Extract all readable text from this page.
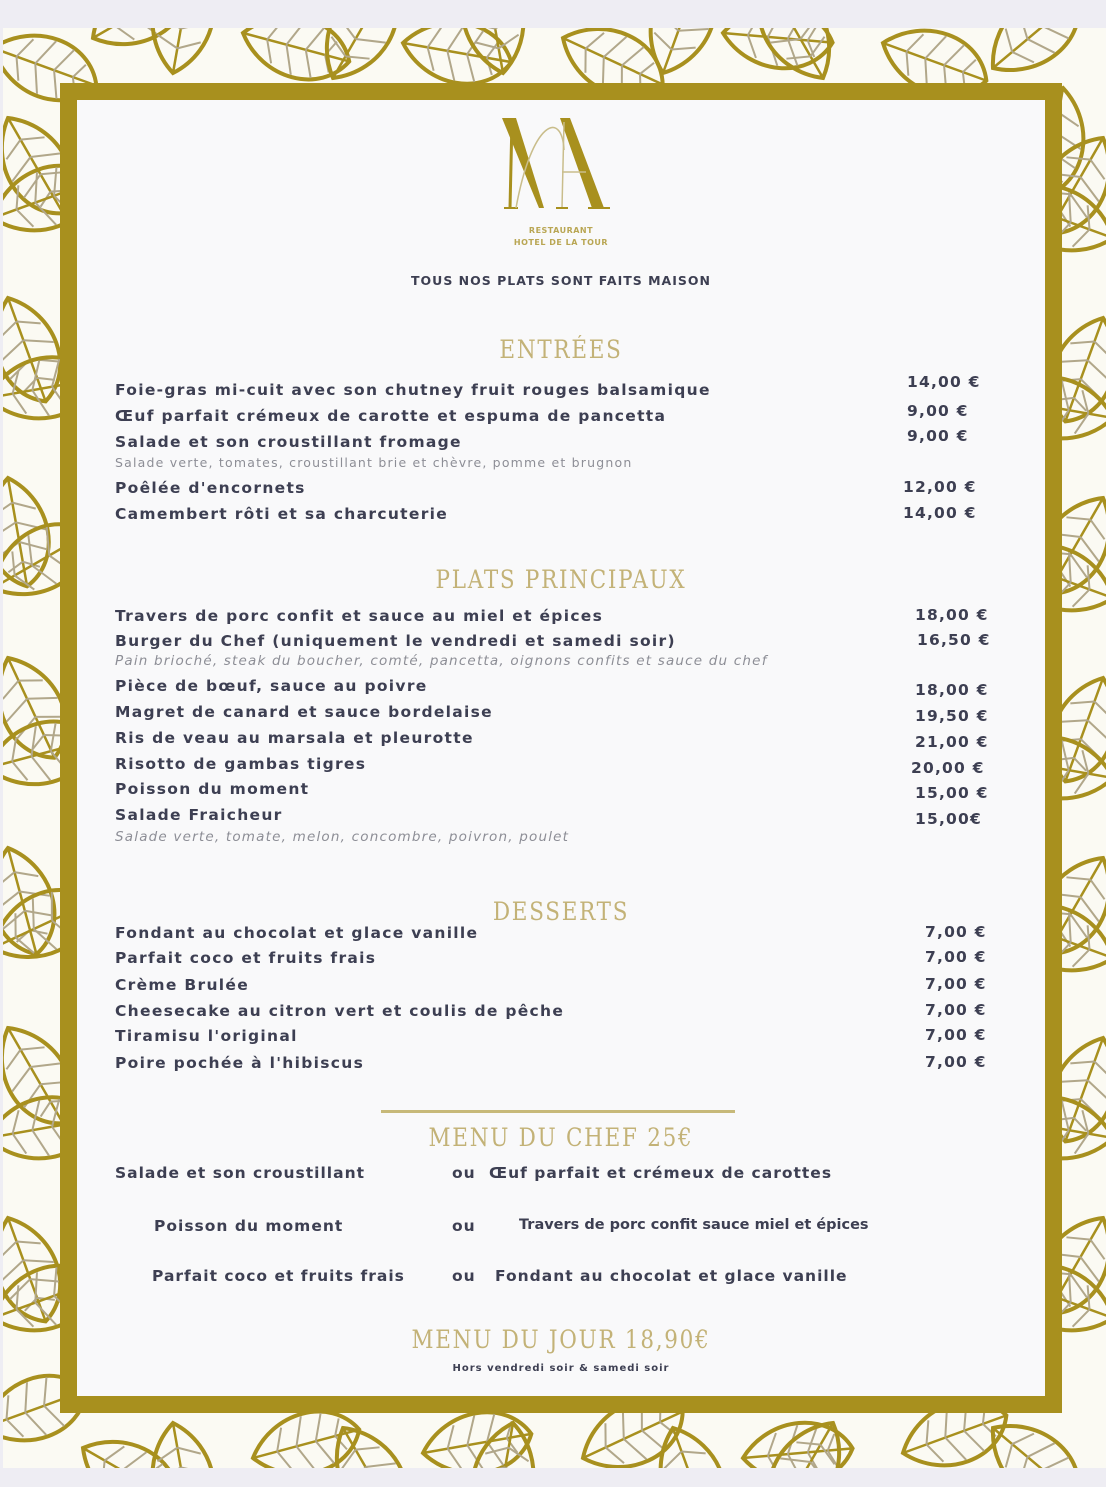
RESTAURANT
HOTEL DE LA TOUR
TOUS NOS PLATS SONT FAITS MAISON
ENTRÉES
Foie-gras mi-cuit avec son chutney fruit rouges balsamique	14,00 €
Œuf parfait crémeux de carotte et espuma de pancetta	9,00 €
Salade et son croustillant fromage	9,00 €
Salade verte, tomates, croustillant brie et chèvre, pomme et brugnon
Poêlée d'encornets	12,00 €
Camembert rôti et sa charcuterie	14,00 €
PLATS PRINCIPAUX
Travers de porc confit et sauce au miel et épices	18,00 €
Burger du Chef (uniquement le vendredi et samedi soir)	16,50 €
Pain brioché, steak du boucher, comté, pancetta, oignons confits et sauce du chef
Pièce de bœuf, sauce au poivre	18,00 €
Magret de canard et sauce bordelaise	19,50 €
Ris de veau au marsala et pleurotte	21,00 €
Risotto de gambas tigres	20,00 €
Poisson du moment	15,00 €
Salade Fraicheur	15,00€
Salade verte, tomate, melon, concombre, poivron, poulet
DESSERTS
Fondant au chocolat et glace vanille	7,00 €
Parfait coco et fruits frais	7,00 €
Crème Brulée	7,00 €
Cheesecake au citron vert et coulis de pêche	7,00 €
Tiramisu l'original	7,00 €
Poire pochée à l'hibiscus	7,00 €
MENU DU CHEF 25€
Salade et son croustillant	ou Œuf parfait et crémeux de carottes
Poisson du moment	ou	Travers de porc confit sauce miel et épices
Parfait coco et fruits frais	ou Fondant au chocolat et glace vanille
MENU DU JOUR 18,90€
Hors vendredi soir & samedi soir
